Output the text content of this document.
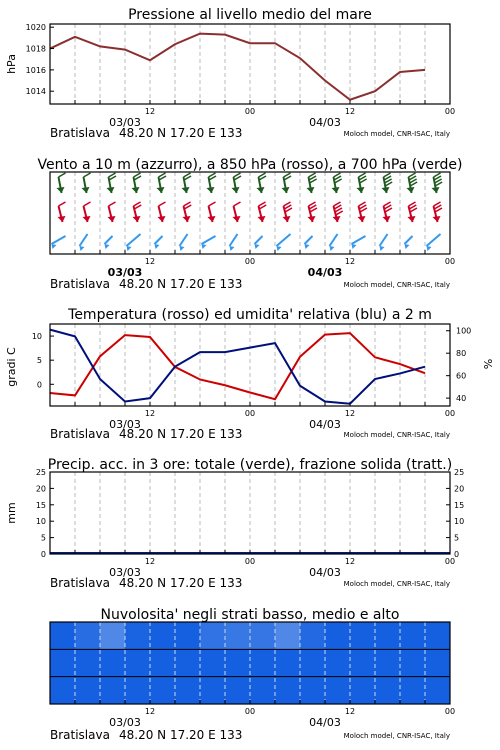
12	00	12	00
03/03	04/03
12	00	12	00
03/03	04/03
12	00	12	00
03/03	04/03
12	00	12	00
03/03	04/03
12	00	12	00
03/03	04/03
1014
1016
1018
1020
0
5
10
40
60
80
100
0	0
5	5
10	10
15	15
20	20
25	25
Pressione al livello medio del mare
Vento a 10 m (azzurro), a 850 hPa (rosso), a 700 hPa (verde)
Temperatura (rosso) ed umidita' relativa (blu) a 2 m
Precip. acc. in 3 ore: totale (verde), frazione solida (tratt.)
Nuvolosita' negli strati basso, medio e alto
hPa
gradi C	%
mm
Bratislava 48.20 N 17.20 E 133	Moloch model, CNR-ISAC, Italy
Bratislava 48.20 N 17.20 E 133	Moloch model, CNR-ISAC, Italy
Bratislava 48.20 N 17.20 E 133	Moloch model, CNR-ISAC, Italy
Bratislava 48.20 N 17.20 E 133	Moloch model, CNR-ISAC, Italy
Bratislava 48.20 N 17.20 E 133	Moloch model, CNR-ISAC, Italy
